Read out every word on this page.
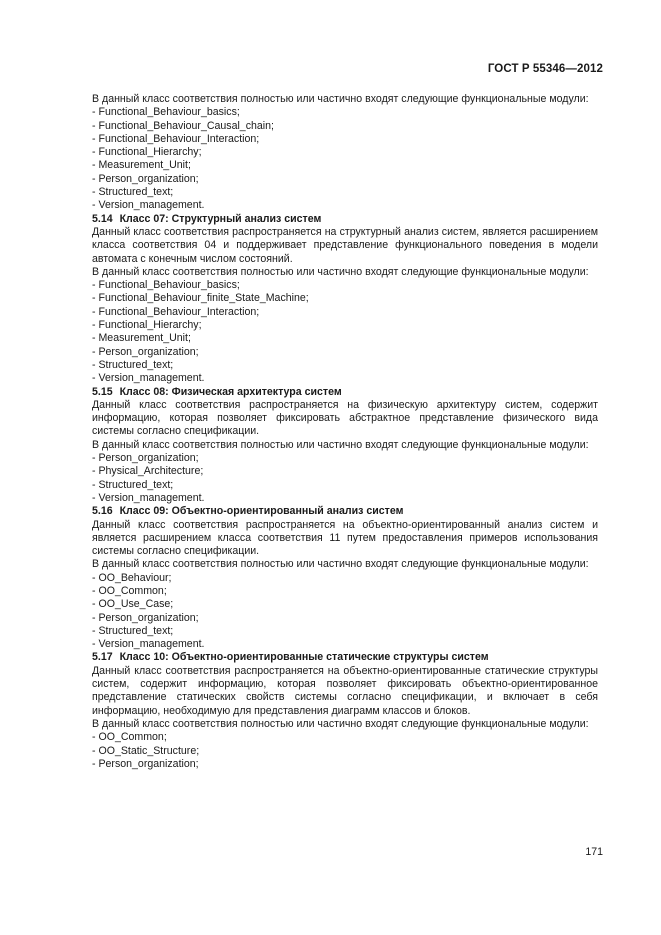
ГОСТ Р 55346—2012

В данный класс соответствия полностью или частично входят следующие функциональные модули:

- Functional_Behaviour_basics;
- Functional_Behaviour_Causal_chain;
- Functional_Behaviour_Interaction;
- Functional_Hierarchy;
- Measurement_Unit;
- Person_organization;
- Structured_text;
- Version_management.

5.14 Класс 07: Структурный анализ систем

Данный класс соответствия распространяется на структурный анализ систем, является расширением класса соответствия 04 и поддерживает представление функционального поведения в модели автомата с конечным числом состояний.

В данный класс соответствия полностью или частично входят следующие функциональные модули:

- Functional_Behaviour_basics;
- Functional_Behaviour_finite_State_Machine;
- Functional_Behaviour_Interaction;
- Functional_Hierarchy;
- Measurement_Unit;
- Person_organization;
- Structured_text;
- Version_management.

5.15 Класс 08: Физическая архитектура систем

Данный класс соответствия распространяется на физическую архитектуру систем, содержит информацию, которая позволяет фиксировать абстрактное представление физического вида системы согласно спецификации.

В данный класс соответствия полностью или частично входят следующие функциональные модули:

- Person_organization;
- Physical_Architecture;
- Structured_text;
- Version_management.

5.16 Класс 09: Объектно-ориентированный анализ систем

Данный класс соответствия распространяется на объектно-ориентированный анализ систем и является расширением класса соответствия 11 путем предоставления примеров использования системы согласно спецификации.

В данный класс соответствия полностью или частично входят следующие функциональные модули:

- OO_Behaviour;
- OO_Common;
- OO_Use_Case;
- Person_organization;
- Structured_text;
- Version_management.

5.17 Класс 10: Объектно-ориентированные статические структуры систем

Данный класс соответствия распространяется на объектно-ориентированные статические структуры систем, содержит информацию, которая позволяет фиксировать объектно-ориентированное представление статических свойств системы согласно спецификации, и включает в себя информацию, необходимую для представления диаграмм классов и блоков.

В данный класс соответствия полностью или частично входят следующие функциональные модули:

- OO_Common;
- OO_Static_Structure;
- Person_organization;
171
